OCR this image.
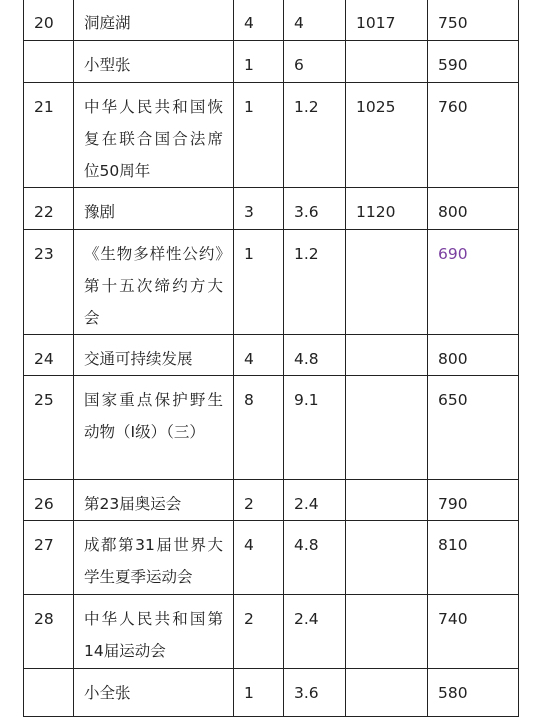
20	洞庭湖	4	4	1017	750
	小型张	1	6		590
21	中华人民共和国恢复在联合国合法席位50周年	1	1.2	1025	760
22	豫剧	3	3.6	1120	800
23	《生物多样性公约》第十五次缔约方大会	1	1.2		690
24	交通可持续发展	4	4.8		800
25	国家重点保护野生动物（Ⅰ级）（三）	8	9.1		650
26	第23届奥运会	2	2.4		790
27	成都第31届世界大学生夏季运动会	4	4.8		810
28	中华人民共和国第14届运动会	2	2.4		740
	小全张	1	3.6		580
